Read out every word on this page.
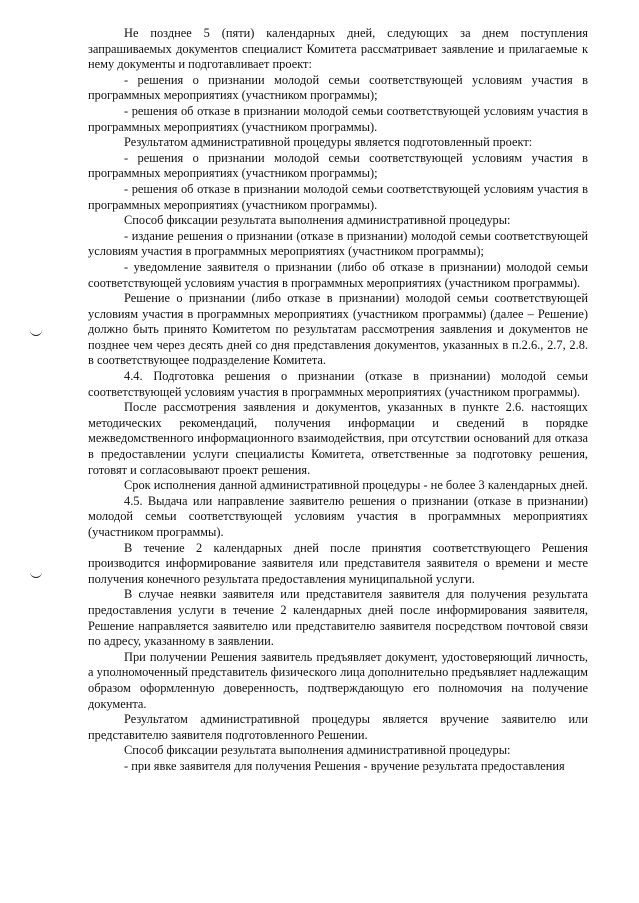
Не позднее 5 (пяти) календарных дней, следующих за днем поступления запрашиваемых документов специалист Комитета рассматривает заявление и прилагаемые к нему документы и подготавливает проект:

- решения о признании молодой семьи соответствующей условиям участия в программных мероприятиях (участником программы);

- решения об отказе в признании молодой семьи соответствующей условиям участия в программных мероприятиях (участником программы).

Результатом административной процедуры является подготовленный проект:

- решения о признании молодой семьи соответствующей условиям участия в программных мероприятиях (участником программы);

- решения об отказе в признании молодой семьи соответствующей условиям участия в программных мероприятиях (участником программы).

Способ фиксации результата выполнения административной процедуры:

- издание решения о признании (отказе в признании) молодой семьи соответствующей условиям участия в программных мероприятиях (участником программы);

- уведомление заявителя о признании (либо об отказе в признании) молодой семьи соответствующей условиям участия в программных мероприятиях (участником программы).

Решение о признании (либо отказе в признании) молодой семьи соответствующей условиям участия в программных мероприятиях (участником программы) (далее – Решение) должно быть принято Комитетом по результатам рассмотрения заявления и документов не позднее чем через десять дней со дня представления документов, указанных в п.2.6., 2.7, 2.8. в соответствующее подразделение Комитета.

4.4. Подготовка решения о признании (отказе в признании) молодой семьи соответствующей условиям участия в программных мероприятиях (участником программы).

После рассмотрения заявления и документов, указанных в пункте 2.6. настоящих методических рекомендаций, получения информации и сведений в порядке межведомственного информационного взаимодействия, при отсутствии оснований для отказа в предоставлении услуги специалисты Комитета, ответственные за подготовку решения, готовят и согласовывают проект решения.

Срок исполнения данной административной процедуры - не более 3 календарных дней.

4.5. Выдача или направление заявителю решения о признании (отказе в признании) молодой семьи соответствующей условиям участия в программных мероприятиях (участником программы).

В течение 2 календарных дней после принятия соответствующего Решения производится информирование заявителя или представителя заявителя о времени и месте получения конечного результата предоставления муниципальной услуги.

В случае неявки заявителя или представителя заявителя для получения результата предоставления услуги в течение 2 календарных дней после информирования заявителя, Решение направляется заявителю или представителю заявителя посредством почтовой связи по адресу, указанному в заявлении.

При получении Решения заявитель предъявляет документ, удостоверяющий личность, а уполномоченный представитель физического лица дополнительно предъявляет надлежащим образом оформленную доверенность, подтверждающую его полномочия на получение документа.

Результатом административной процедуры является вручение заявителю или представителю заявителя подготовленного Решении.

Способ фиксации результата выполнения административной процедуры:

- при явке заявителя для получения Решения - вручение результата предоставления
